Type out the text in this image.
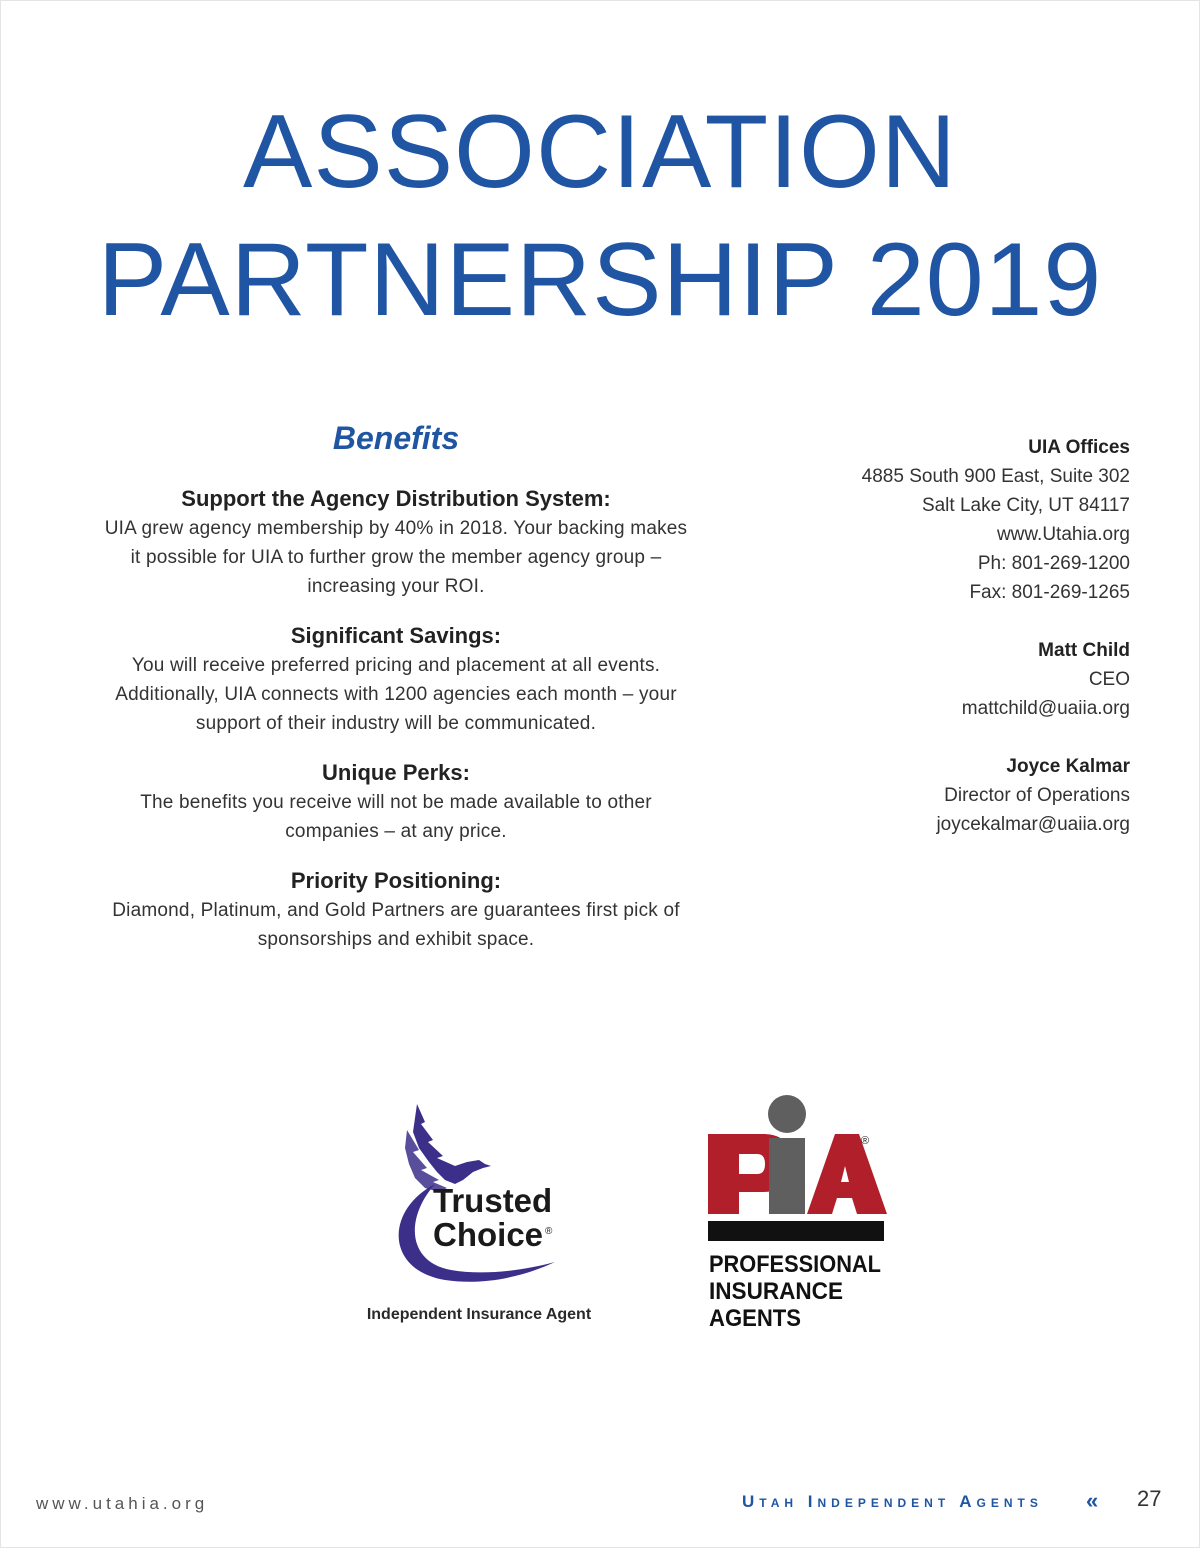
ASSOCIATION
PARTNERSHIP 2019
Benefits
Support the Agency Distribution System:

UIA grew agency membership by 40% in 2018. Your backing makes
it possible for UIA to further grow the member agency group –
increasing your ROI.

Significant Savings:

You will receive preferred pricing and placement at all events.
Additionally, UIA connects with 1200 agencies each month – your
support of their industry will be communicated.

Unique Perks:

The benefits you receive will not be made available to other
companies – at any price.

Priority Positioning:

Diamond, Platinum, and Gold Partners are guarantees first pick of
sponsorships and exhibit space.

UIA Offices
4885 South 900 East, Suite 302
Salt Lake City, UT 84117
www.Utahia.org
Ph: 801-269-1200
Fax: 801-269-1265
Matt Child
CEO
mattchild@uaiia.org
Joyce Kalmar
Director of Operations
joycekalmar@uaiia.org
Trusted
Choice ®
Independent Insurance Agent
®
PROFESSIONAL
INSURANCE
AGENTS
www.utahia.org	Utah Independent Agents « 27
